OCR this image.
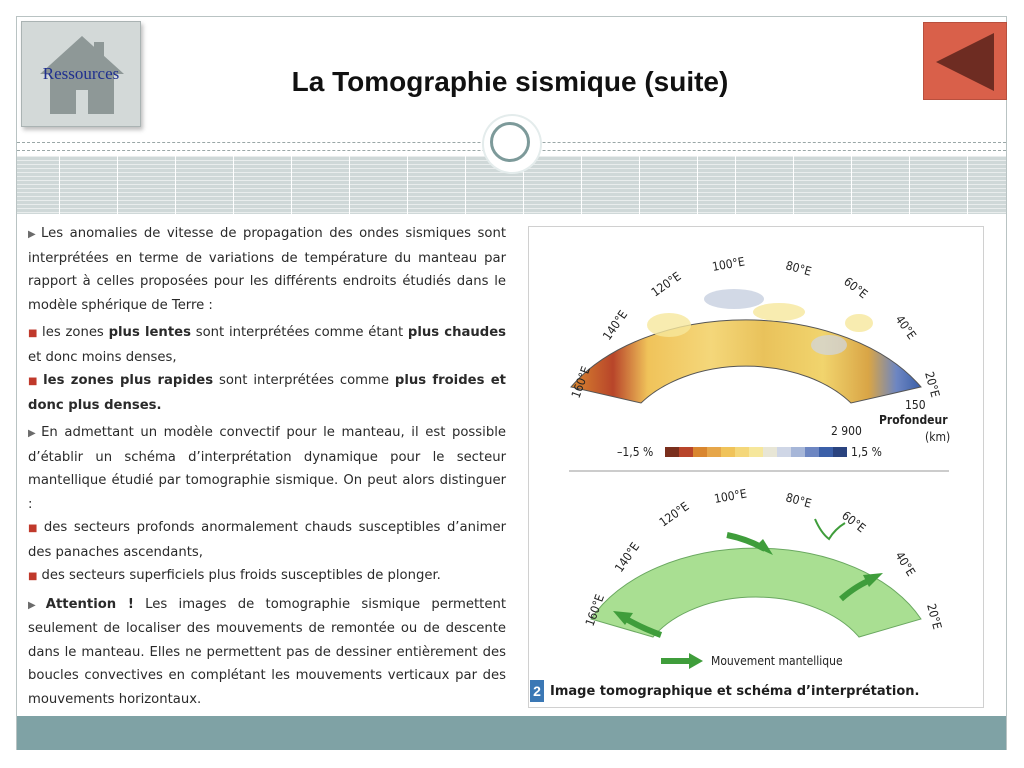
Ressources	La Tomographie sismique (suite)

▶ Les anomalies de vitesse de propagation des ondes sismiques sont interprétées en terme de variations de température du manteau par rapport à celles proposées pour les différents endroits étudiés dans le modèle sphérique de Terre :

■ les zones plus lentes sont interprétées comme étant plus chaudes et donc moins denses,

■ les zones plus rapides sont interprétées comme plus froides et donc plus denses.

▶ En admettant un modèle convectif pour le manteau, il est possible d’établir un schéma d’interprétation dynamique pour le secteur mantellique étudié par tomographie sismique. On peut alors distinguer :

■ des secteurs profonds anormalement chauds susceptibles d’animer des panaches ascendants,

■ des secteurs superficiels plus froids susceptibles de plonger.

▶ Attention ! Les images de tomographie sismique permettent seulement de localiser des mouvements de remontée ou de descente dans le manteau. Elles ne permettent pas de dessiner entièrement des boucles convectives en complétant les mouvements verticaux par des mouvements horizontaux.

160°E
140°E
120°E
100°E	80°E
60°E
40°E
20°E
150
2 900
Profondeur
(km)
–1,5 %	1,5 %
160°E
140°E
120°E
100°E	80°E
60°E
40°E
20°E
Mouvement mantellique
2 Image tomographique et schéma d’interprétation.
